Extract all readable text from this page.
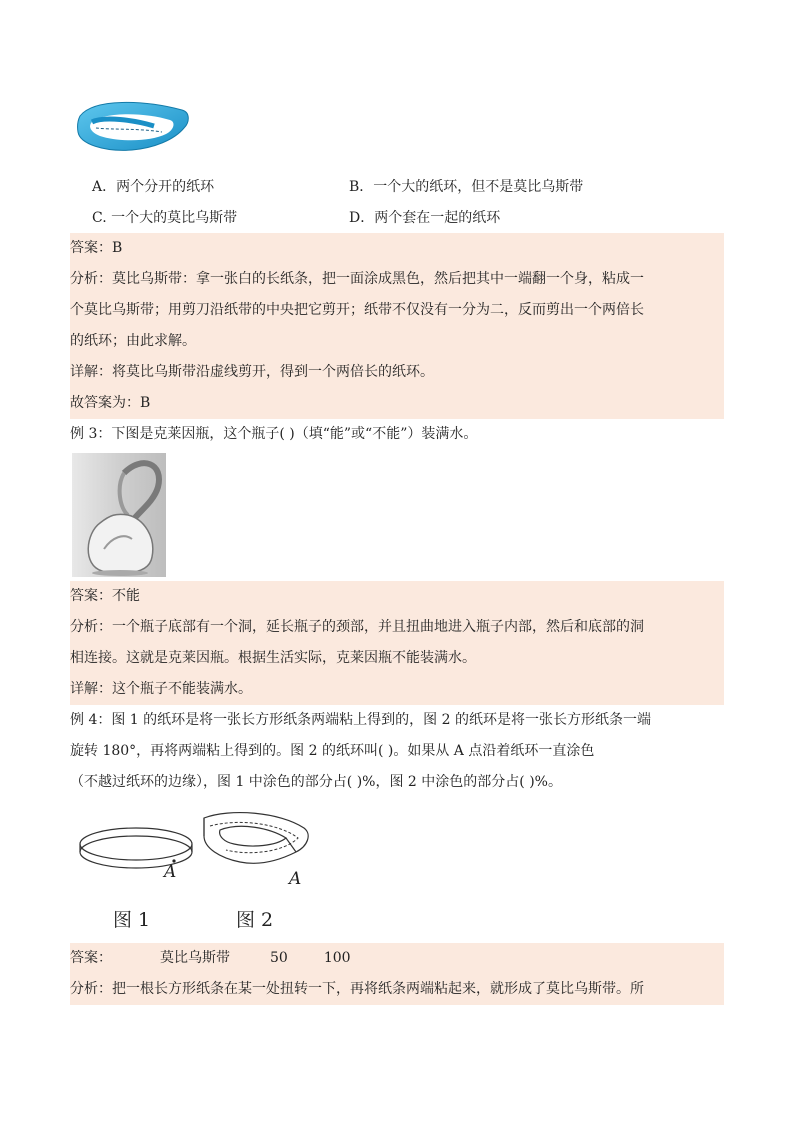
A．两个分开的纸环	B．一个大的纸环，但不是莫比乌斯带
C. 一个大的莫比乌斯带	D．两个套在一起的纸环
答案：B
分析：莫比乌斯带：拿一张白的长纸条，把一面涂成黑色，然后把其中一端翻一个身，粘成一
个莫比乌斯带；用剪刀沿纸带的中央把它剪开；纸带不仅没有一分为二，反而剪出一个两倍长
的纸环；由此求解。
详解：将莫比乌斯带沿虚线剪开，得到一个两倍长的纸环。
故答案为：B
例 3：下图是克莱因瓶，这个瓶子( )（填“能”或“不能”）装满水。
答案：不能
分析：一个瓶子底部有一个洞，延长瓶子的颈部，并且扭曲地进入瓶子内部，然后和底部的洞
相连接。这就是克莱因瓶。根据生活实际，克莱因瓶不能装满水。
详解：这个瓶子不能装满水。
例 4：图 1 的纸环是将一张长方形纸条两端粘上得到的，图 2 的纸环是将一张长方形纸条一端
旋转 180°，再将两端粘上得到的。图 2 的纸环叫( )。如果从 A 点沿着纸环一直涂色
（不越过纸环的边缘），图 1 中涂色的部分占( )%，图 2 中涂色的部分占( )%。
A	A
图 1	图 2
答案：	莫比乌斯带	50	100
分析：把一根长方形纸条在某一处扭转一下，再将纸条两端粘起来，就形成了莫比乌斯带。所
